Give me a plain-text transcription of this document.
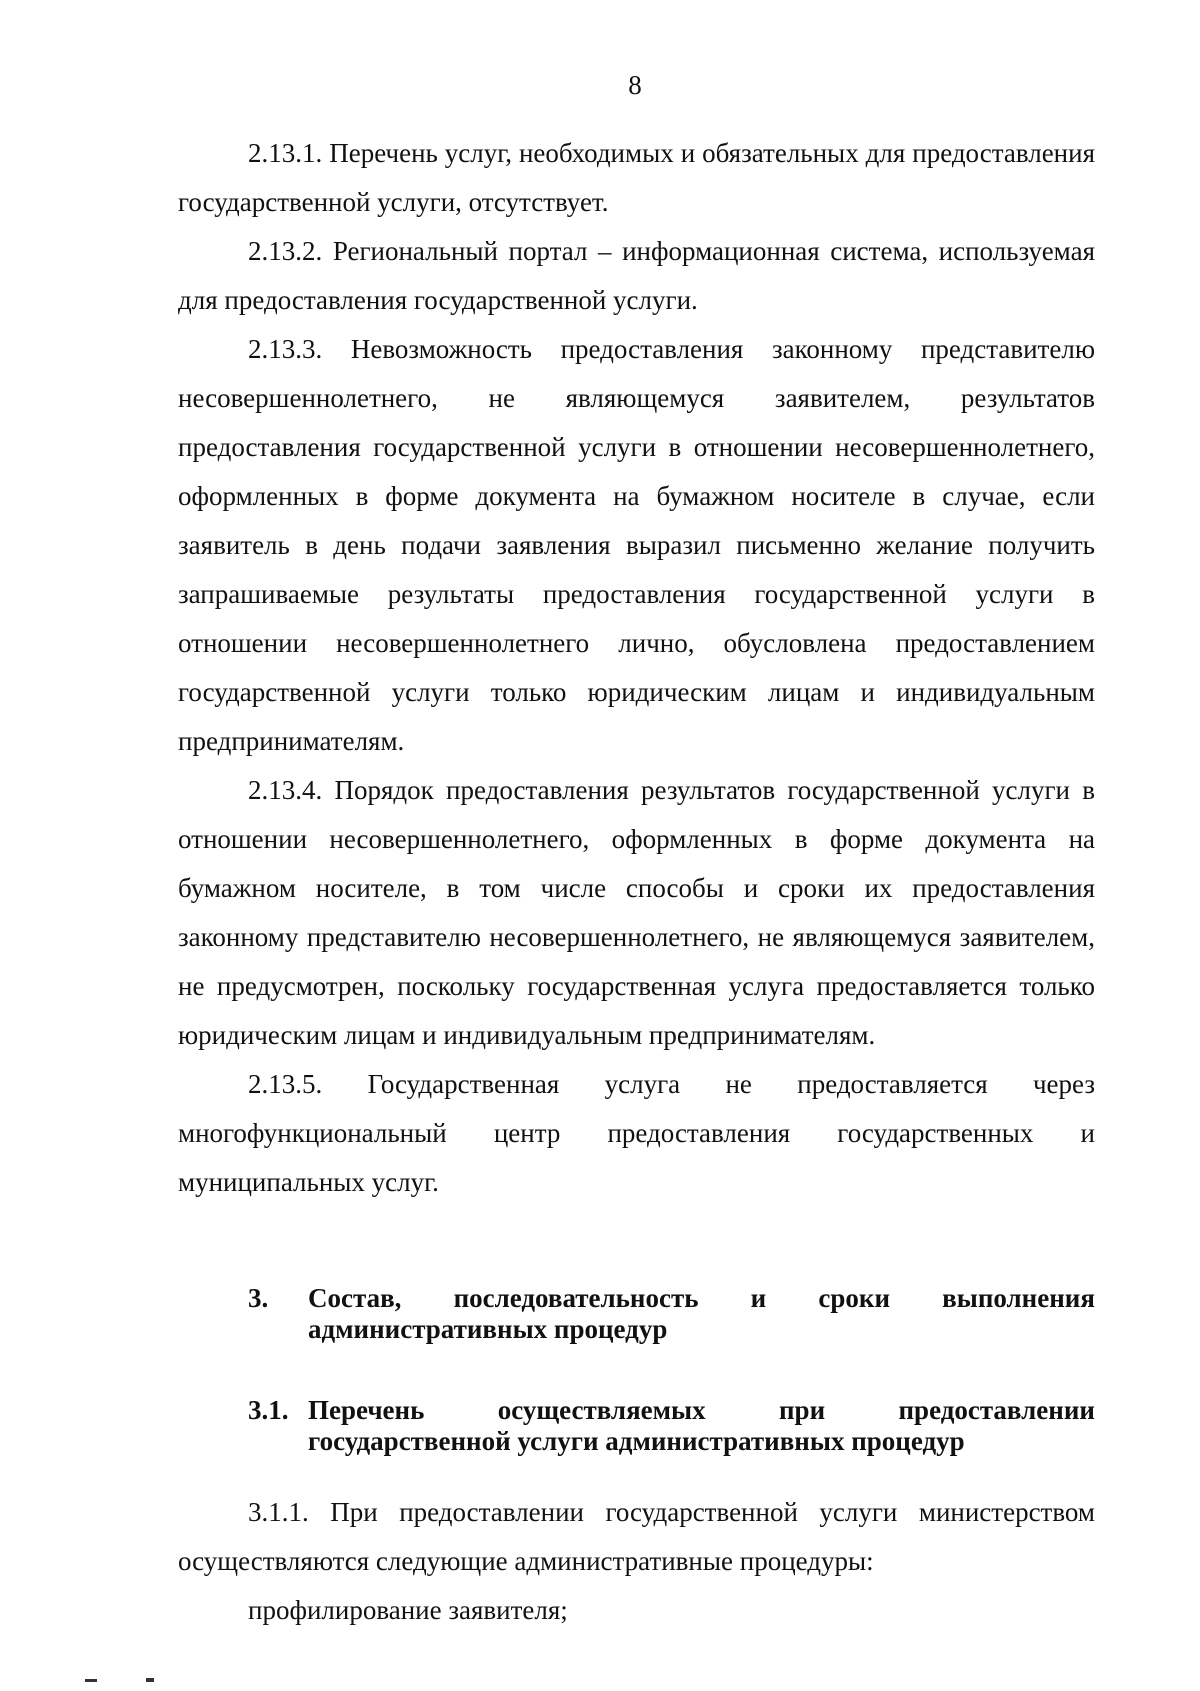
8

2.13.1. Перечень услуг, необходимых и обязательных для предоставления государственной услуги, отсутствует.

2.13.2. Региональный портал – информационная система, используемая для предоставления государственной услуги.

2.13.3. Невозможность предоставления законному представителю несовершеннолетнего, не являющемуся заявителем, результатов предоставления государственной услуги в отношении несовершеннолетнего, оформленных в форме документа на бумажном носителе в случае, если заявитель в день подачи заявления выразил письменно желание получить запрашиваемые результаты предоставления государственной услуги в отношении несовершеннолетнего лично, обусловлена предоставлением государственной услуги только юридическим лицам и индивидуальным предпринимателям.

2.13.4. Порядок предоставления результатов государственной услуги в отношении несовершеннолетнего, оформленных в форме документа на бумажном носителе, в том числе способы и сроки их предоставления законному представителю несовершеннолетнего, не являющемуся заявителем, не предусмотрен, поскольку государственная услуга предоставляется только юридическим лицам и индивидуальным предпринимателям.

2.13.5. Государственная услуга не предоставляется через многофункциональный центр предоставления государственных и муниципальных услуг.

3. Состав, последовательность и сроки выполнения
административных процедур
3.1. Перечень	осуществляемых	при	предоставлении
государственной услуги административных процедур

3.1.1. При предоставлении государственной услуги министерством осуществляются следующие административные процедуры:

профилирование заявителя;
